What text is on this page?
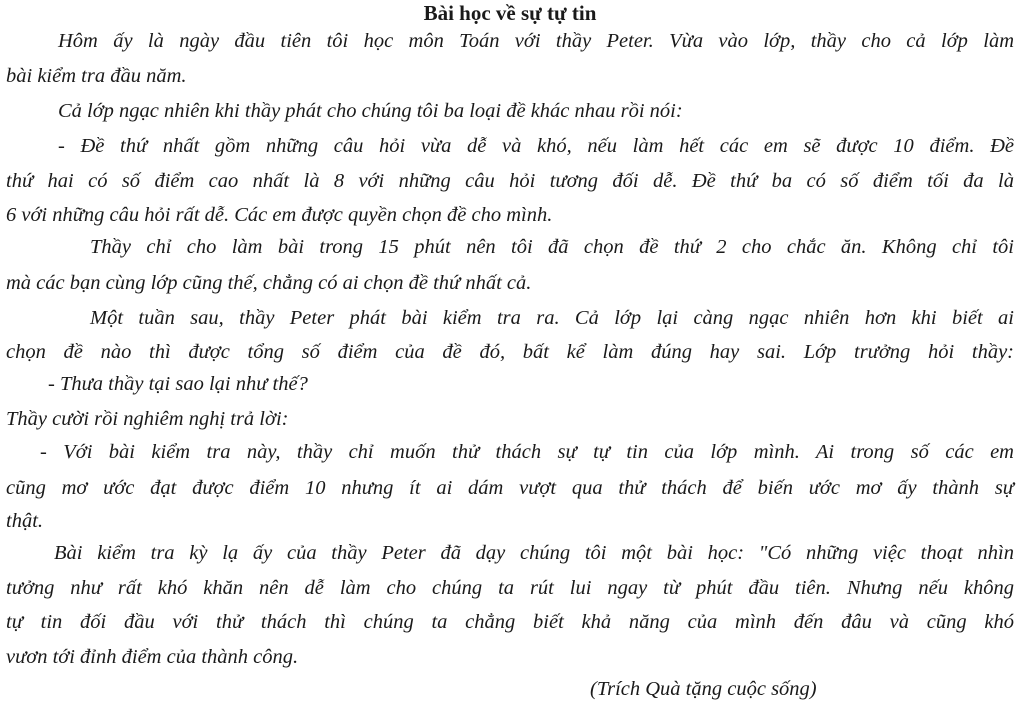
Bài học về sự tự tin
Hôm ấy là ngày đầu tiên tôi học môn Toán với thầy Peter. Vừa vào lớp, thầy cho cả lớp làm
bài kiểm tra đầu năm.
Cả lớp ngạc nhiên khi thầy phát cho chúng tôi ba loại đề khác nhau rồi nói:
- Đề thứ nhất gồm những câu hỏi vừa dễ và khó, nếu làm hết các em sẽ được 10 điểm. Đề
thứ hai có số điểm cao nhất là 8 với những câu hỏi tương đối dễ. Đề thứ ba có số điểm tối đa là
6 với những câu hỏi rất dễ. Các em được quyền chọn đề cho mình.
Thầy chỉ cho làm bài trong 15 phút nên tôi đã chọn đề thứ 2 cho chắc ăn. Không chỉ tôi
mà các bạn cùng lớp cũng thế, chẳng có ai chọn đề thứ nhất cả.
Một tuần sau, thầy Peter phát bài kiểm tra ra. Cả lớp lại càng ngạc nhiên hơn khi biết ai
chọn đề nào thì được tổng số điểm của đề đó, bất kể làm đúng hay sai. Lớp trưởng hỏi thầy:
- Thưa thầy tại sao lại như thế?
Thầy cười rồi nghiêm nghị trả lời:
- Với bài kiểm tra này, thầy chỉ muốn thử thách sự tự tin của lớp mình. Ai trong số các em
cũng mơ ước đạt được điểm 10 nhưng ít ai dám vượt qua thử thách để biến ước mơ ấy thành sự
thật.
Bài kiểm tra kỳ lạ ấy của thầy Peter đã dạy chúng tôi một bài học: "Có những việc thoạt nhìn
tưởng như rất khó khăn nên dễ làm cho chúng ta rút lui ngay từ phút đầu tiên. Nhưng nếu không
tự tin đối đầu với thử thách thì chúng ta chẳng biết khả năng của mình đến đâu và cũng khó
vươn tới đỉnh điểm của thành công.
(Trích Quà tặng cuộc sống)
